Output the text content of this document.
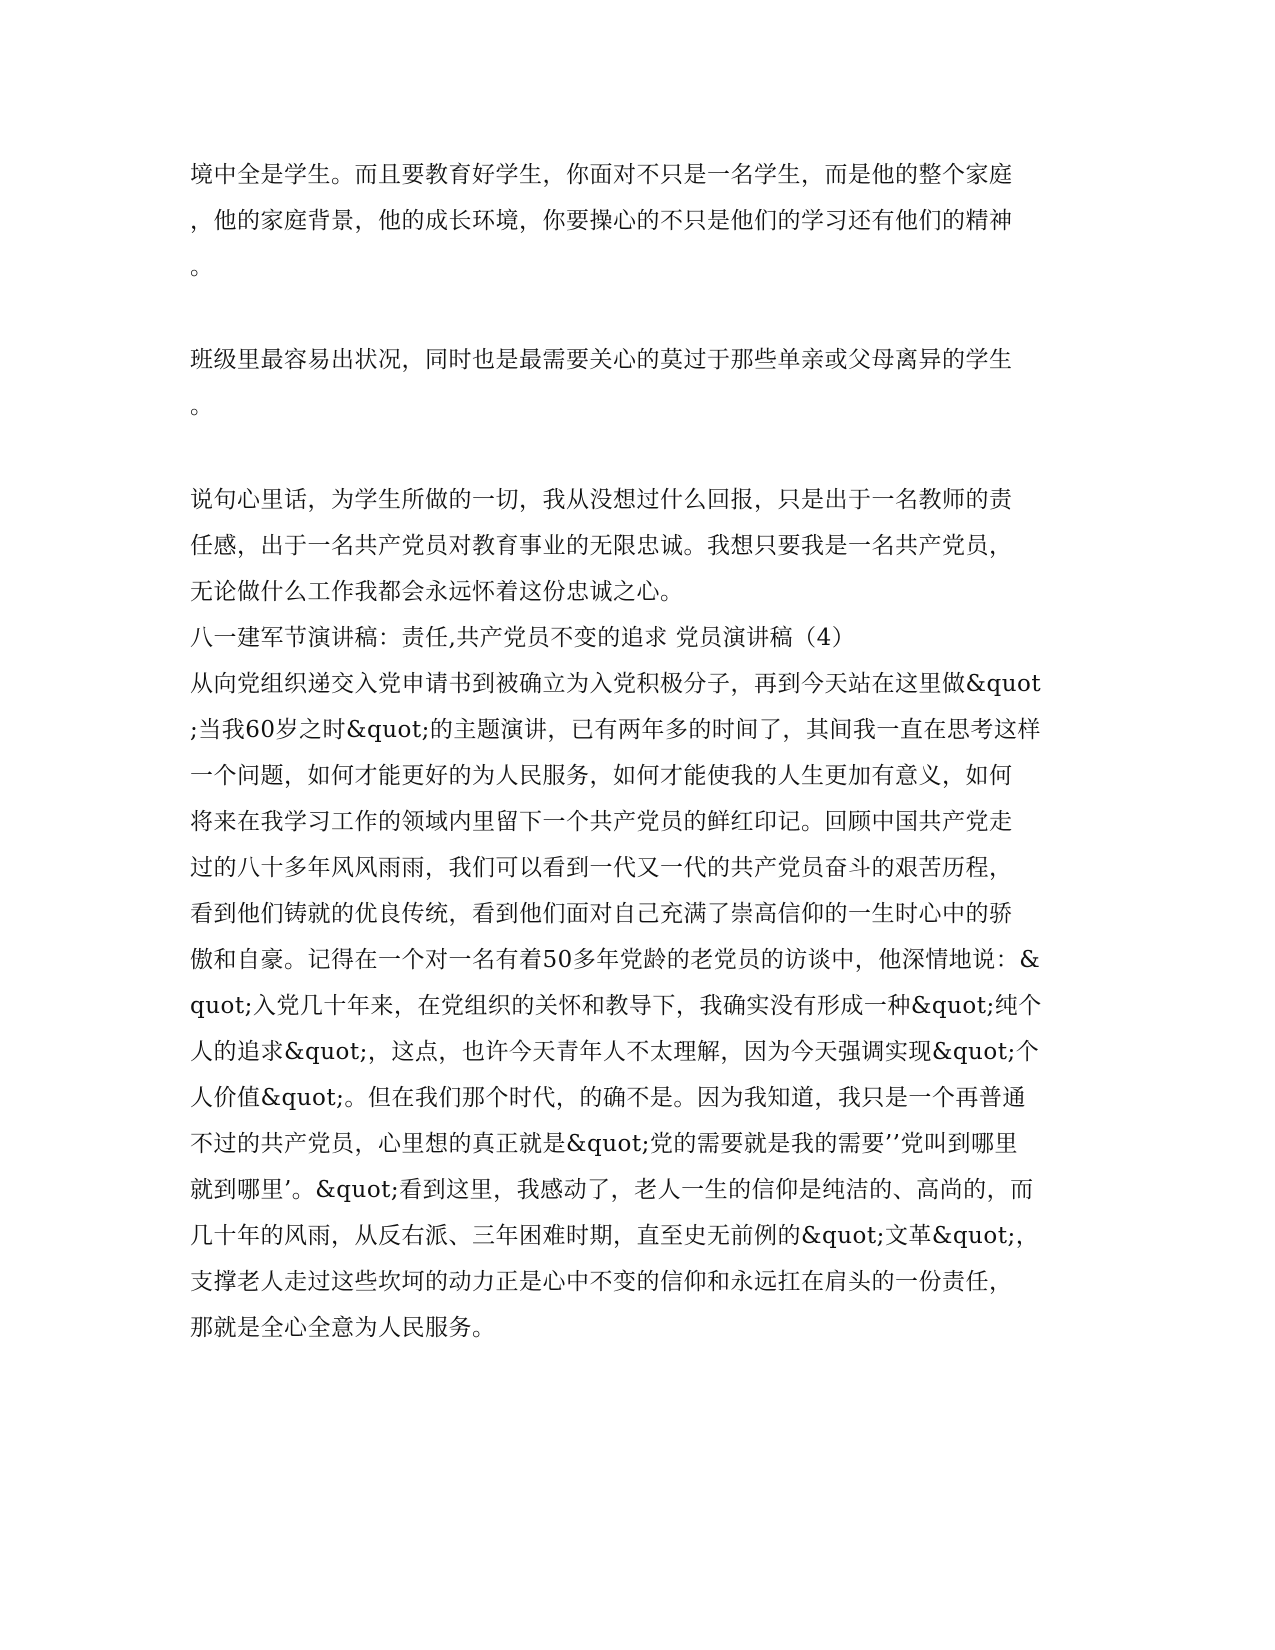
境中全是学生。而且要教育好学生，你面对不只是一名学生，而是他的整个家庭
，他的家庭背景，他的成长环境，你要操心的不只是他们的学习还有他们的精神
。
班级里最容易出状况，同时也是最需要关心的莫过于那些单亲或父母离异的学生
。
说句心里话，为学生所做的一切，我从没想过什么回报，只是出于一名教师的责
任感，出于一名共产党员对教育事业的无限忠诚。我想只要我是一名共产党员，
无论做什么工作我都会永远怀着这份忠诚之心。
八一建军节演讲稿：责任,共产党员不变的追求 党员演讲稿（4）
从向党组织递交入党申请书到被确立为入党积极分子，再到今天站在这里做&quot
;当我60岁之时&quot;的主题演讲，已有两年多的时间了，其间我一直在思考这样
一个问题，如何才能更好的为人民服务，如何才能使我的人生更加有意义，如何
将来在我学习工作的领域内里留下一个共产党员的鲜红印记。回顾中国共产党走
过的八十多年风风雨雨，我们可以看到一代又一代的共产党员奋斗的艰苦历程，
看到他们铸就的优良传统，看到他们面对自己充满了崇高信仰的一生时心中的骄
傲和自豪。记得在一个对一名有着50多年党龄的老党员的访谈中，他深情地说：&
quot;入党几十年来，在党组织的关怀和教导下，我确实没有形成一种&quot;纯个
人的追求&quot;，这点，也许今天青年人不太理解，因为今天强调实现&quot;个
人价值&quot;。但在我们那个时代，的确不是。因为我知道，我只是一个再普通
不过的共产党员，心里想的真正就是&quot;党的需要就是我的需要’’党叫到哪里
就到哪里’。&quot;看到这里，我感动了，老人一生的信仰是纯洁的、高尚的，而
几十年的风雨，从反右派、三年困难时期，直至史无前例的&quot;文革&quot;，
支撑老人走过这些坎坷的动力正是心中不变的信仰和永远扛在肩头的一份责任，
那就是全心全意为人民服务。
